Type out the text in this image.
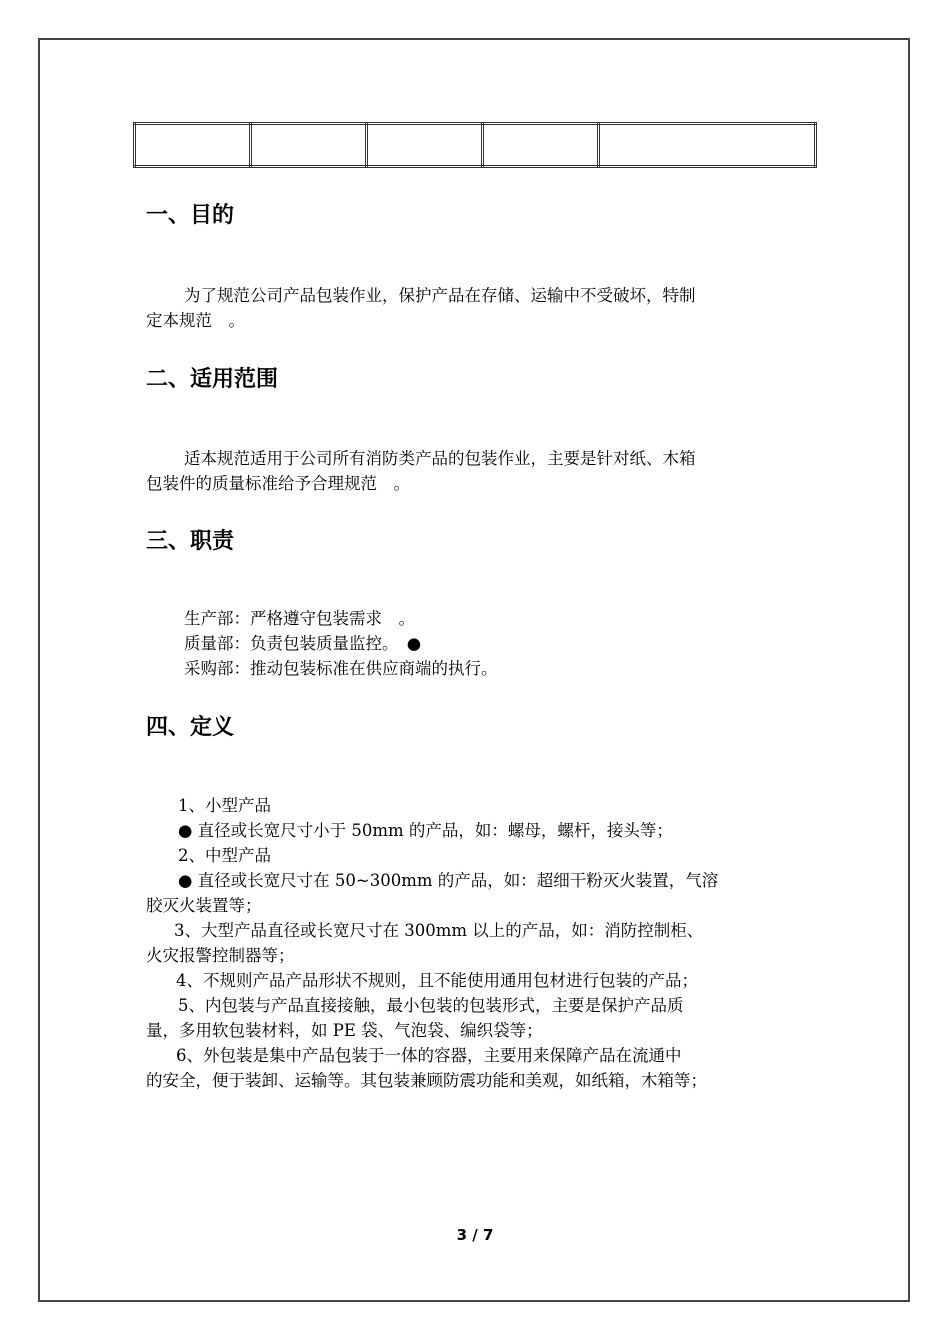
一、目的

为了规范公司产品包装作业，保护产品在存储、运输中不受破坏，特制
定本规范　。

二、适用范围

适本规范适用于公司所有消防类产品的包装作业，主要是针对纸、木箱
包装件的质量标准给予合理规范　。

三、职责

生产部：严格遵守包装需求　。
质量部：负责包装质量监控。　●
采购部：推动包装标准在供应商端的执行。

四、定义

1、小型产品
● 直径或长宽尺寸小于 50mm 的产品，如：螺母，螺杆，接头等；
2、中型产品
● 直径或长宽尺寸在 50~300mm 的产品，如：超细干粉灭火装置，气溶
胶灭火装置等；
3、大型产品直径或长宽尺寸在 300mm 以上的产品，如：消防控制柜、
火灾报警控制器等；
4、不规则产品产品形状不规则，且不能使用通用包材进行包装的产品；
5、内包装与产品直接接触，最小包装的包装形式，主要是保护产品质
量，多用软包装材料，如 PE 袋、气泡袋、编织袋等；
6、外包装是集中产品包装于一体的容器，主要用来保障产品在流通中
的安全，便于装卸、运输等。其包装兼顾防震功能和美观，如纸箱，木箱等；

3 / 7
